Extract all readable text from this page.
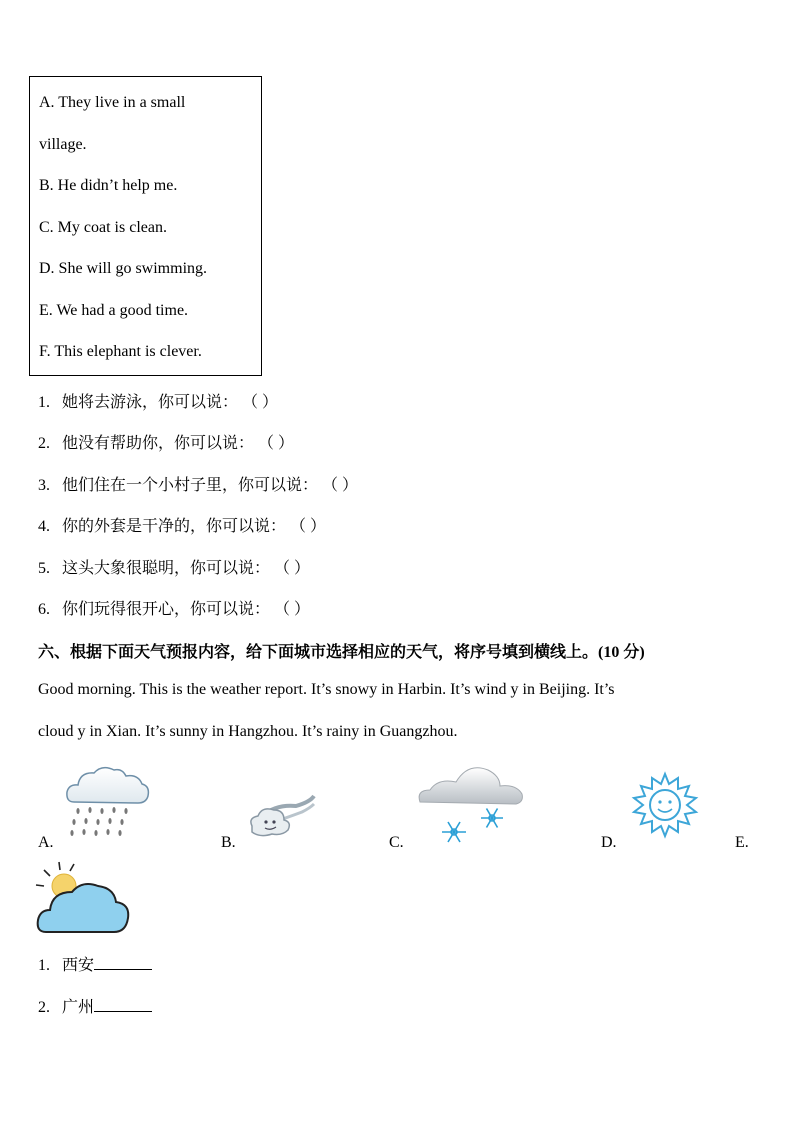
A. They live in a small
village.
B. He didn’t help me.
C. My coat is clean.
D. She will go swimming.
E. We had a good time.
F. This elephant is clever.
1. 她将去游泳，你可以说： （ ）
2. 他没有帮助你，你可以说： （ ）
3. 他们住在一个小村子里，你可以说： （ ）
4. 你的外套是干净的，你可以说： （ ）
5. 这头大象很聪明，你可以说： （ ）
6. 你们玩得很开心，你可以说： （ ）
六、根据下面天气预报内容，给下面城市选择相应的天气，将序号填到横线上。(10 分)
Good morning. This is the weather report. It’s snowy in Harbin. It’s wind y in Beijing. It’s
cloud y in Xian. It’s sunny in Hangzhou. It’s rainy in Guangzhou.
A.	B.	C.	D.	E.
1. 西安
2. 广州
